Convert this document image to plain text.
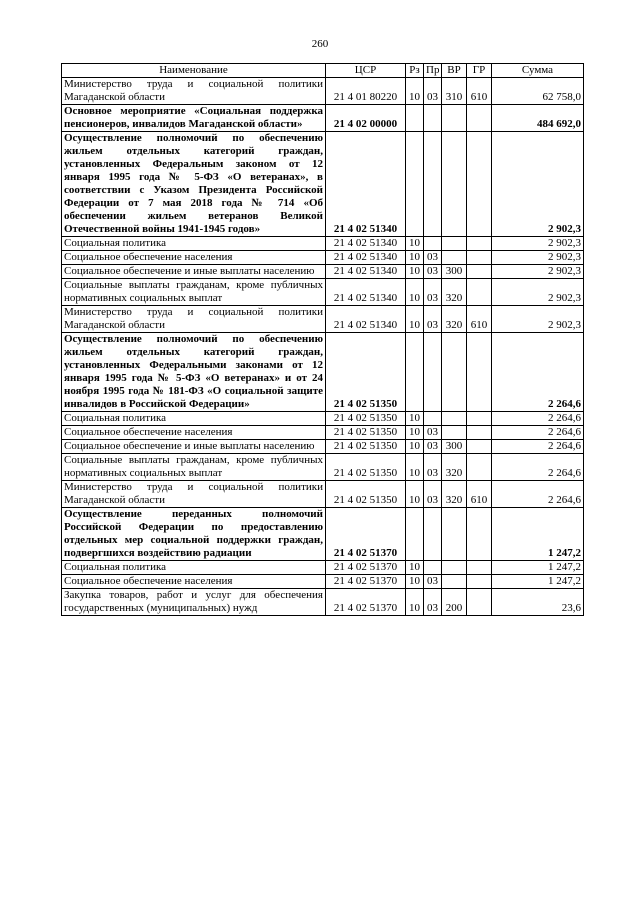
260
Наименование	ЦСР	Рз	Пр	ВР	ГР	Сумма
Министерство труда и социальной политики Магаданской области	21 4 01 80220	10	03	310	610	62 758,0
Основное мероприятие «Социальная поддержка пенсионеров, инвалидов Магаданской области»	21 4 02 00000					484 692,0
Осуществление полномочий по обеспечению жильем отдельных категорий граждан, установленных Федеральным законом от 12 января 1995 года № 5-ФЗ «О ветеранах», в соответствии с Указом Президента Российской Федерации от 7 мая 2018 года № 714 «Об обеспечении жильем ветеранов Великой Отечественной войны 1941-1945 годов»	21 4 02 51340					2 902,3
Социальная политика	21 4 02 51340	10				2 902,3
Социальное обеспечение населения	21 4 02 51340	10	03			2 902,3
Социальное обеспечение и иные выплаты населению	21 4 02 51340	10	03	300		2 902,3
Социальные выплаты гражданам, кроме публичных нормативных социальных выплат	21 4 02 51340	10	03	320		2 902,3
Министерство труда и социальной политики Магаданской области	21 4 02 51340	10	03	320	610	2 902,3
Осуществление полномочий по обеспечению жильем отдельных категорий граждан, установленных Федеральными законами от 12 января 1995 года № 5-ФЗ «О ветеранах» и от 24 ноября 1995 года № 181-ФЗ «О социальной защите инвалидов в Российской Федерации»	21 4 02 51350					2 264,6
Социальная политика	21 4 02 51350	10				2 264,6
Социальное обеспечение населения	21 4 02 51350	10	03			2 264,6
Социальное обеспечение и иные выплаты населению	21 4 02 51350	10	03	300		2 264,6
Социальные выплаты гражданам, кроме публичных нормативных социальных выплат	21 4 02 51350	10	03	320		2 264,6
Министерство труда и социальной политики Магаданской области	21 4 02 51350	10	03	320	610	2 264,6
Осуществление переданных полномочий Российской Федерации по предоставлению отдельных мер социальной поддержки граждан, подвергшихся воздействию радиации	21 4 02 51370					1 247,2
Социальная политика	21 4 02 51370	10				1 247,2
Социальное обеспечение населения	21 4 02 51370	10	03			1 247,2
Закупка товаров, работ и услуг для обеспечения государственных (муниципальных) нужд	21 4 02 51370	10	03	200		23,6
